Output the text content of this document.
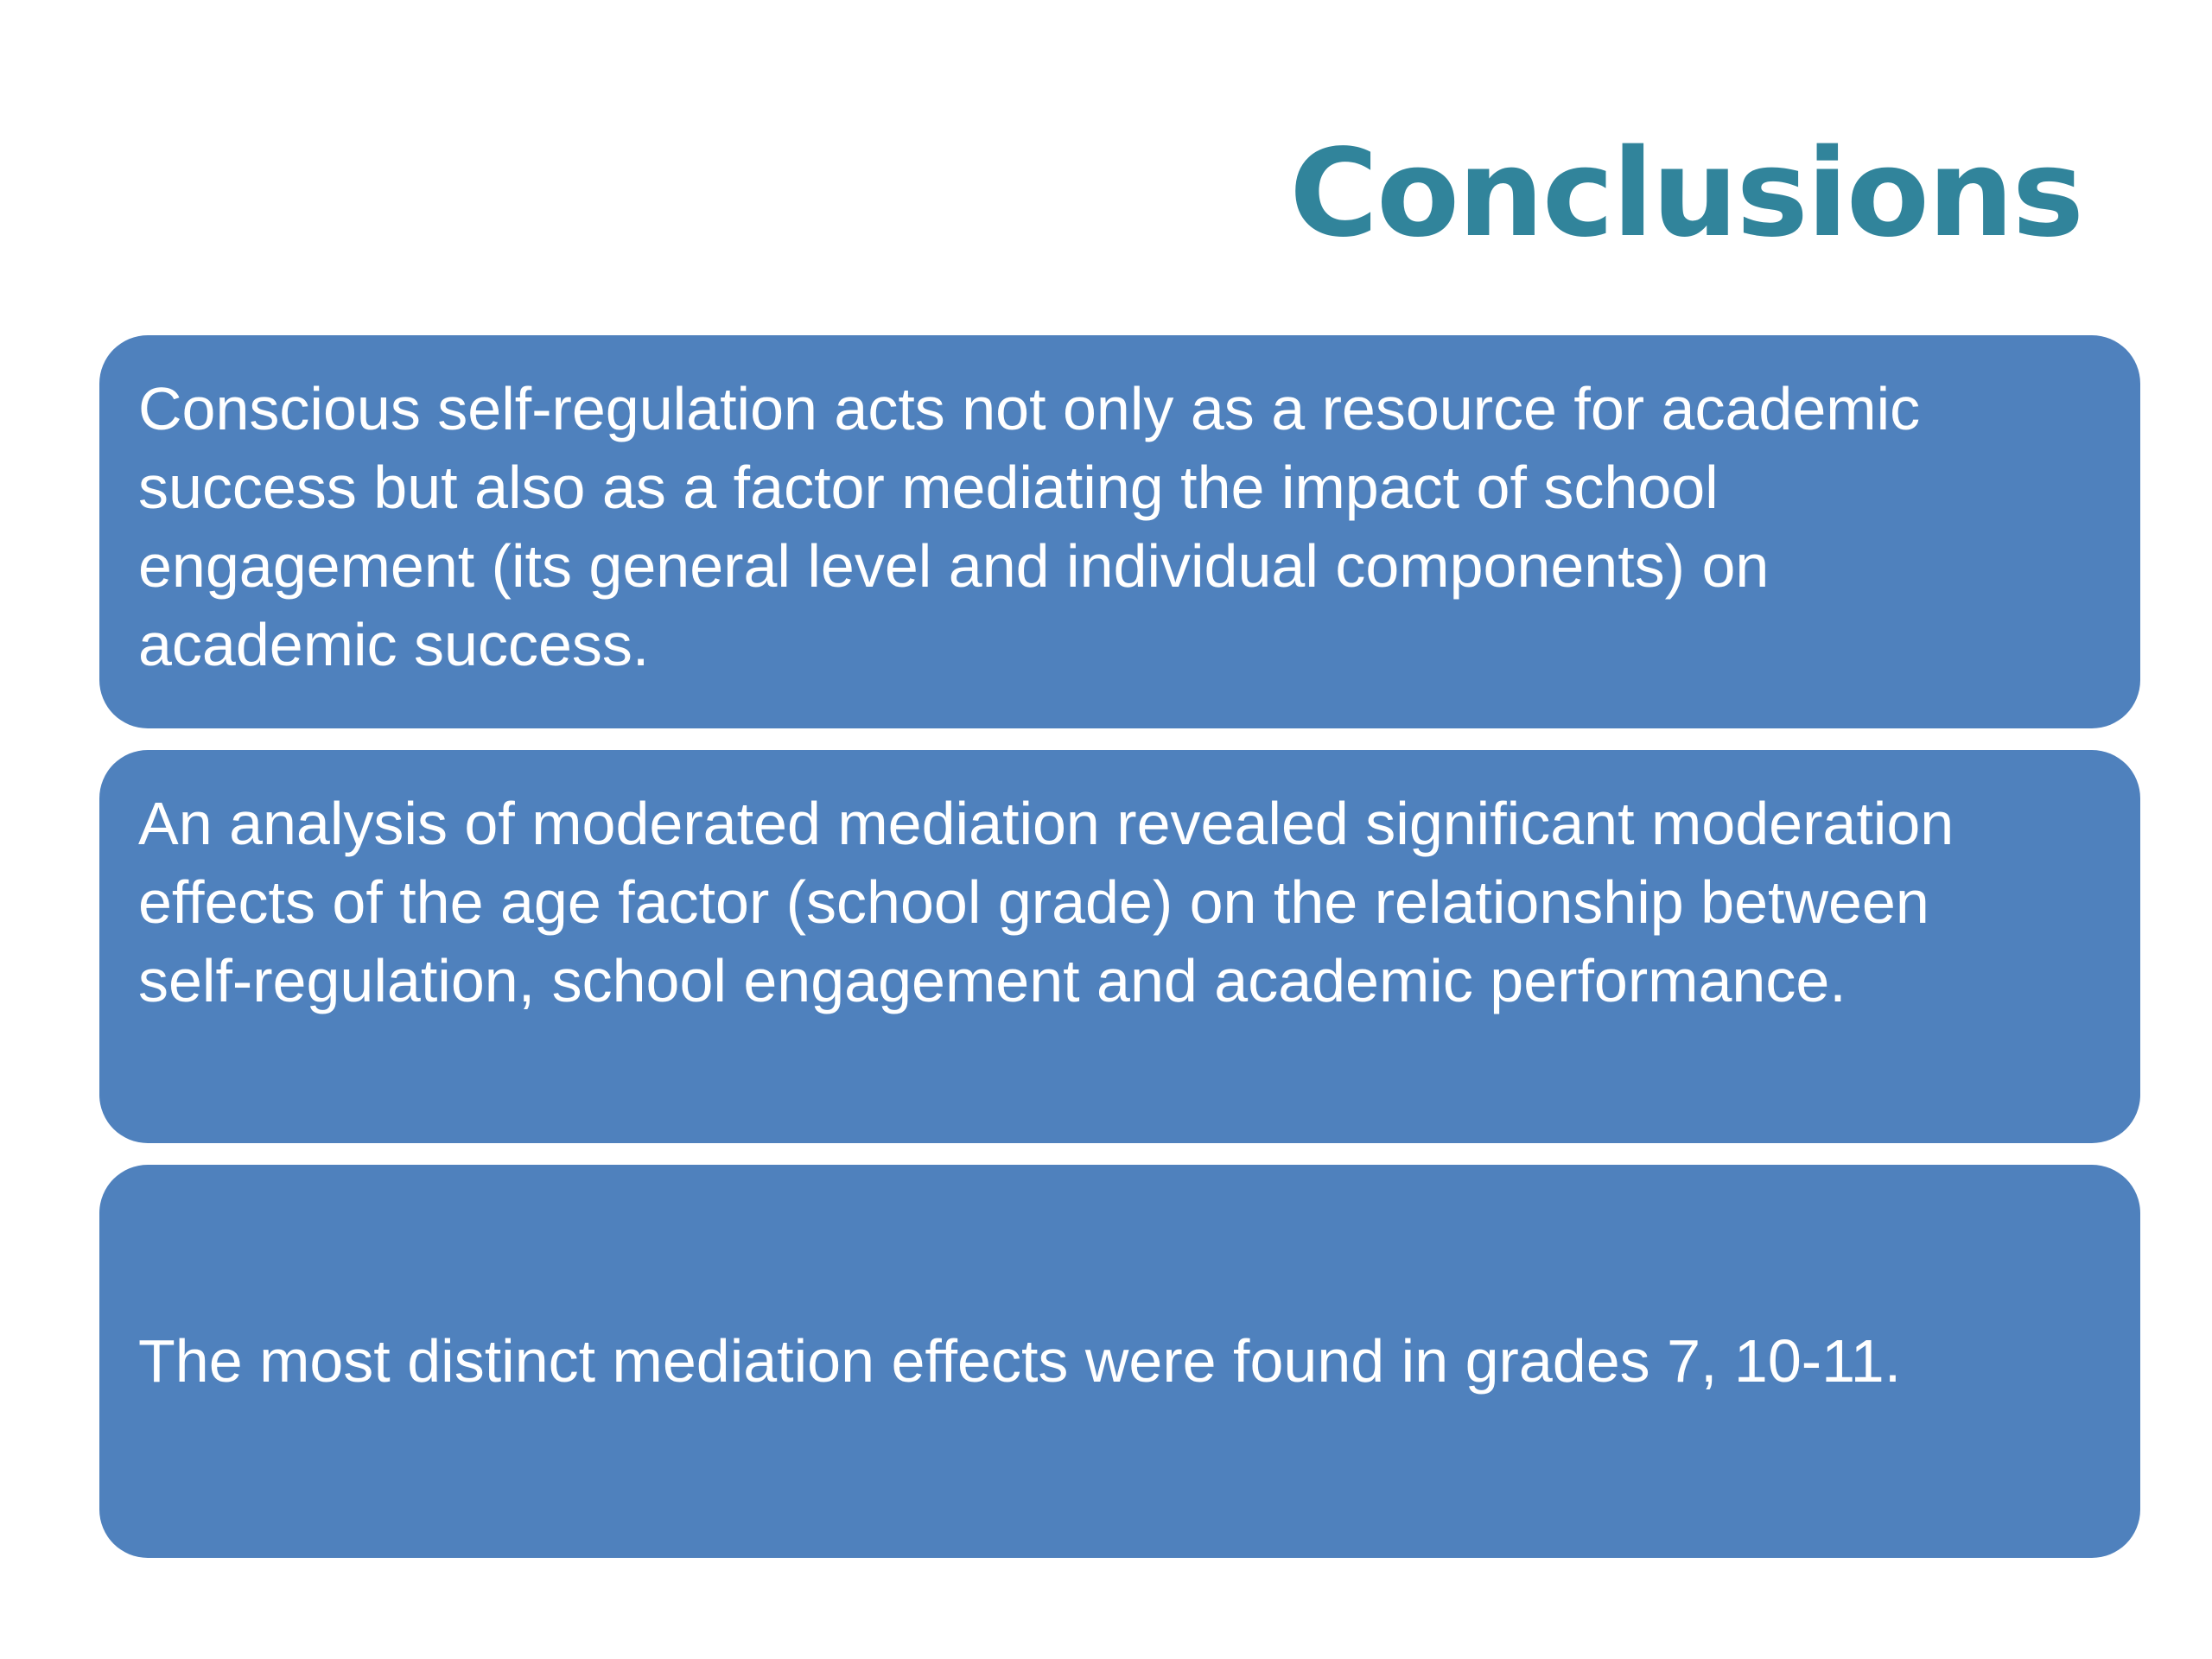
Conclusions

Conscious self-regulation acts not only as a resource for academic success but also as a factor mediating the impact of school engagement (its general level and individual components) on academic success.

An analysis of moderated mediation revealed significant moderation effects of the age factor (school grade) on the relationship between self-regulation, school engagement and academic performance.

The most distinct mediation effects were found in grades 7, 10-11.
